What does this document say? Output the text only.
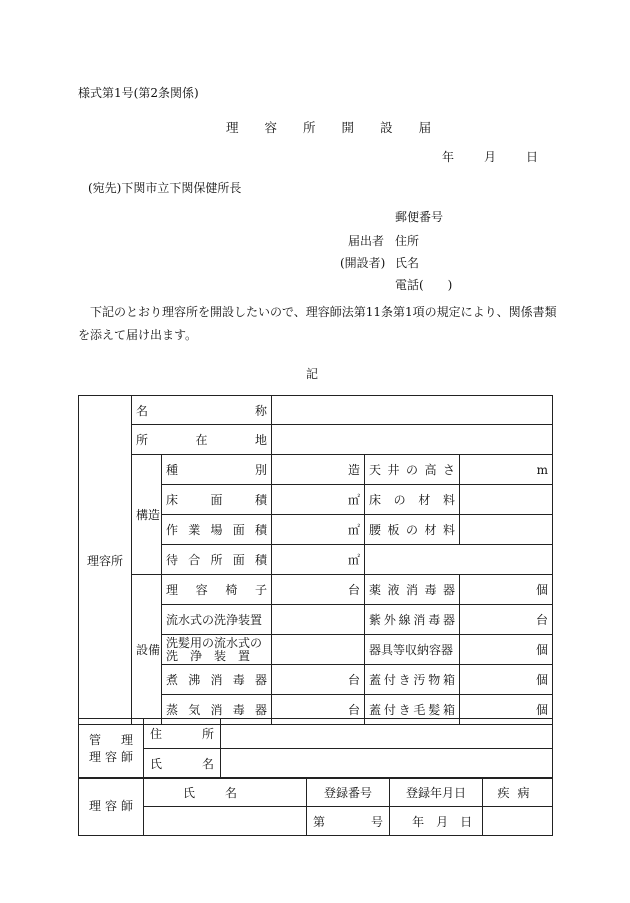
様式第1号(第2条関係)
理 容 所 開 設 届
年	月	日
(宛先)下関市立下関保健所長
郵便番号
届出者 住所
(開設者) 氏名
電話(　　)
下記のとおり理容所を開設したいので、理容師法第11条第1項の規定により、関係書類
を添えて届け出ます。
記
理容所	名称				
	所在地				
	構造	種別	造	天井の高さ	m
		床面積	㎡	床の材料	
		作業場面積	㎡	腰板の材料	
		待合所面積	㎡		
	設備	理容椅子	台	薬液消毒器	個
		流水式の洗浄装置		紫外線消毒器	台

		洗髪用の流水式の
洗　浄　装　置		器具等収納容器	個
		煮沸消毒器	台	蓋付き汚物箱	個
		蒸気消毒器	台	蓋付き毛髪箱	個
管理
理容師	住所	
	氏名	
理容師	氏名	登録番号	登録年月日	疾病
		第 号	年　 月　 日	
